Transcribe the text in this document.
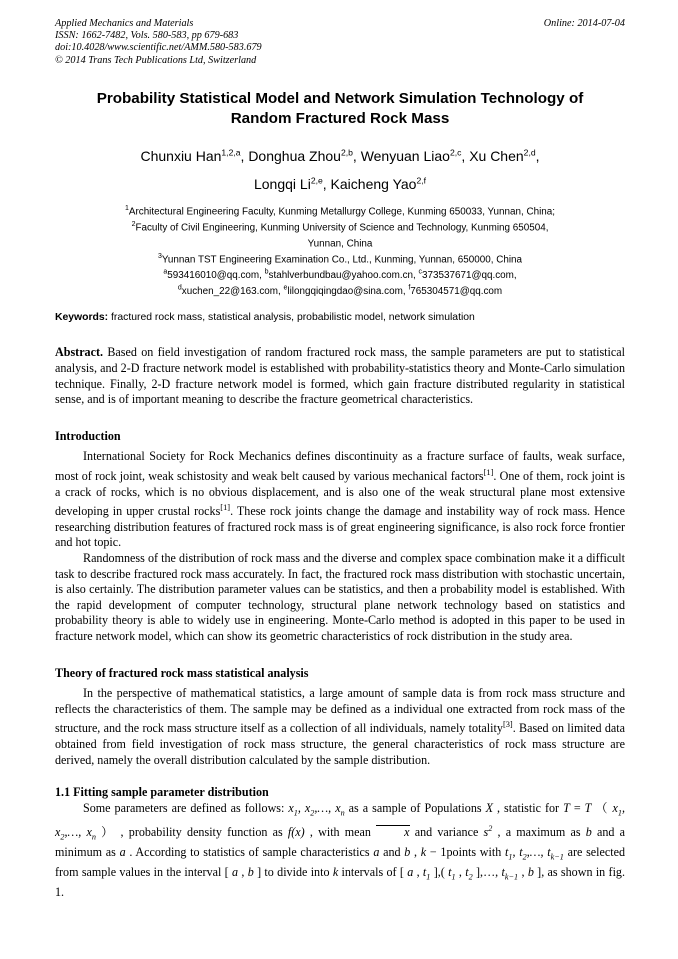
Applied Mechanics and Materials
ISSN: 1662-7482, Vols. 580-583, pp 679-683
doi:10.4028/www.scientific.net/AMM.580-583.679
© 2014 Trans Tech Publications Ltd, Switzerland
Online: 2014-07-04
Probability Statistical Model and Network Simulation Technology of
Random Fractured Rock Mass
Chunxiu Han$^{1,2,a}$, Donghua Zhou$^{2,b}$, Wenyuan Liao$^{2,c}$, Xu Chen$^{2,d}$,
Longqi Li$^{2,e}$, Kaicheng Yao$^{2,f}$
$^1$Architectural Engineering Faculty, Kunming Metallurgy College, Kunming 650033, Yunnan, China;
$^2$Faculty of Civil Engineering, Kunming University of Science and Technology, Kunming 650504,
Yunnan, China
$^3$Yunnan TST Engineering Examination Co., Ltd., Kunming, Yunnan, 650000, China
$^a$593416010@qq.com, $^b$stahlverbundbau@yahoo.com.cn, $^c$373537671@qq.com,
$^d$xuchen_22@163.com, $^e$lilongqiqingdao@sina.com, $^f$765304571@qq.com
Keywords: fractured rock mass, statistical analysis, probabilistic model, network simulation
Abstract. Based on field investigation of random fractured rock mass, the sample parameters are put to statistical analysis, and 2-D fracture network model is established with probability-statistics theory and Monte-Carlo simulation technique. Finally, 2-D fracture network model is formed, which gain fracture distributed regularity in statistical sense, and is of important meaning to describe the fracture geometrical characteristics.
Introduction

International Society for Rock Mechanics defines discontinuity as a fracture surface of faults, weak surface, most of rock joint, weak schistosity and weak belt caused by various mechanical factors[1]. One of them, rock joint is a crack of rocks, which is no obvious displacement, and is also one of the weak structural plane most extensive developing in upper crustal rocks[1]. These rock joints change the damage and instability way of rock mass. Hence researching distribution features of fractured rock mass is of great engineering significance, is also rock force frontier and hot topic.

Randomness of the distribution of rock mass and the diverse and complex space combination make it a difficult task to describe fractured rock mass accurately. In fact, the fractured rock mass distribution with stochastic uncertain, is also certainly. The distribution parameter values can be statistics, and then a probability model is established. With the rapid development of computer technology, structural plane network technology based on statistics and probability theory is able to widely use in engineering. Monte-Carlo method is adopted in this paper to be used in fracture network model, which can show its geometric characteristics of rock distribution in the study area.

Theory of fractured rock mass statistical analysis

In the perspective of mathematical statistics, a large amount of sample data is from rock mass structure and reflects the characteristics of them. The sample may be defined as a individual one extracted from rock mass of the structure, and the rock mass structure itself as a collection of all individuals, namely totality[3]. Based on limited data obtained from field investigation of rock mass structure, the general characteristics of rock mass structure are derived, namely the overall distribution calculated by the sample distribution.

1.1 Fitting sample parameter distribution

Some parameters are defined as follows: $x_1$, $x_2,\dots$, $x_n$ as a sample of Populations X , statistic for T = T （ $x_1$, $x_2,\dots$, $x_n$ ） , probability density function as f(x) , with mean x and variance $s^2$ , a maximum as b and a minimum as a . According to statistics of sample characteristics a and b , k − 1points with $t_1$, $t_2,\dots$, $t_{k-1}$ are selected from sample values in the interval [ a , b ] to divide into k intervals of [ a , $t_1$ ],( $t_1$ , $t_2$ ],…, $t_{k-1}$ , b ], as shown in fig. 1.
